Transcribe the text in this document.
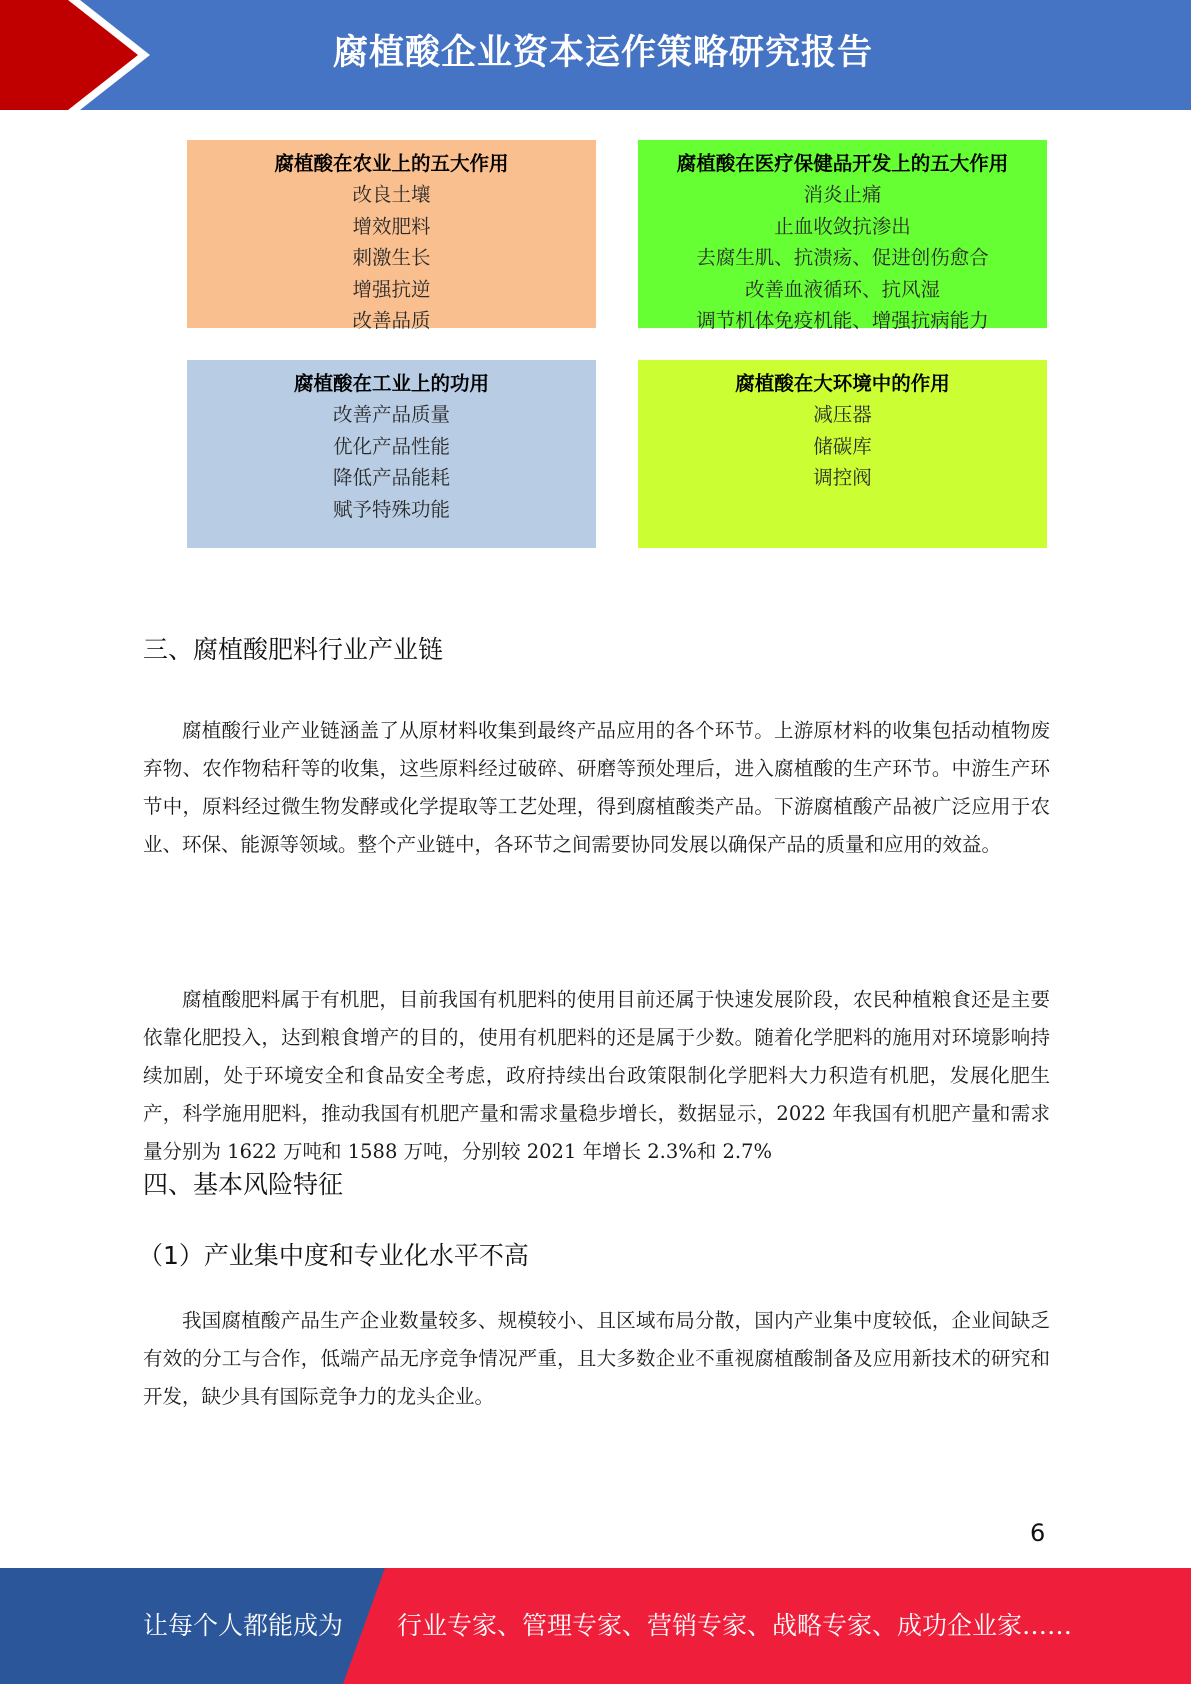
腐植酸企业资本运作策略研究报告
腐植酸在农业上的五大作用
改良土壤
增效肥料
刺激生长
增强抗逆
改善品质
腐植酸在医疗保健品开发上的五大作用
消炎止痛
止血收敛抗渗出
去腐生肌、抗溃疡、促进创伤愈合
改善血液循环、抗风湿
调节机体免疫机能、增强抗病能力
腐植酸在工业上的功用
改善产品质量
优化产品性能
降低产品能耗
赋予特殊功能
腐植酸在大环境中的作用
减压器
储碳库
调控阀
三、腐植酸肥料行业产业链

腐植酸行业产业链涵盖了从原材料收集到最终产品应用的各个环节。上游原材料的收集包括动植物废弃物、农作物秸秆等的收集，这些原料经过破碎、研磨等预处理后，进入腐植酸的生产环节。中游生产环节中，原料经过微生物发酵或化学提取等工艺处理，得到腐植酸类产品。下游腐植酸产品被广泛应用于农业、环保、能源等领域。整个产业链中，各环节之间需要协同发展以确保产品的质量和应用的效益。

腐植酸肥料属于有机肥，目前我国有机肥料的使用目前还属于快速发展阶段，农民种植粮食还是主要依靠化肥投入，达到粮食增产的目的，使用有机肥料的还是属于少数。随着化学肥料的施用对环境影响持续加剧，处于环境安全和食品安全考虑，政府持续出台政策限制化学肥料大力积造有机肥，发展化肥生产，科学施用肥料，推动我国有机肥产量和需求量稳步增长，数据显示，2022 年我国有机肥产量和需求量分别为 1622 万吨和 1588 万吨，分别较 2021 年增长 2.3%和 2.7%

四、基本风险特征
（1）产业集中度和专业化水平不高

我国腐植酸产品生产企业数量较多、规模较小、且区域布局分散，国内产业集中度较低，企业间缺乏有效的分工与合作，低端产品无序竞争情况严重，且大多数企业不重视腐植酸制备及应用新技术的研究和开发，缺少具有国际竞争力的龙头企业。

6
让每个人都能成为 行业专家、管理专家、营销专家、战略专家、成功企业家……
